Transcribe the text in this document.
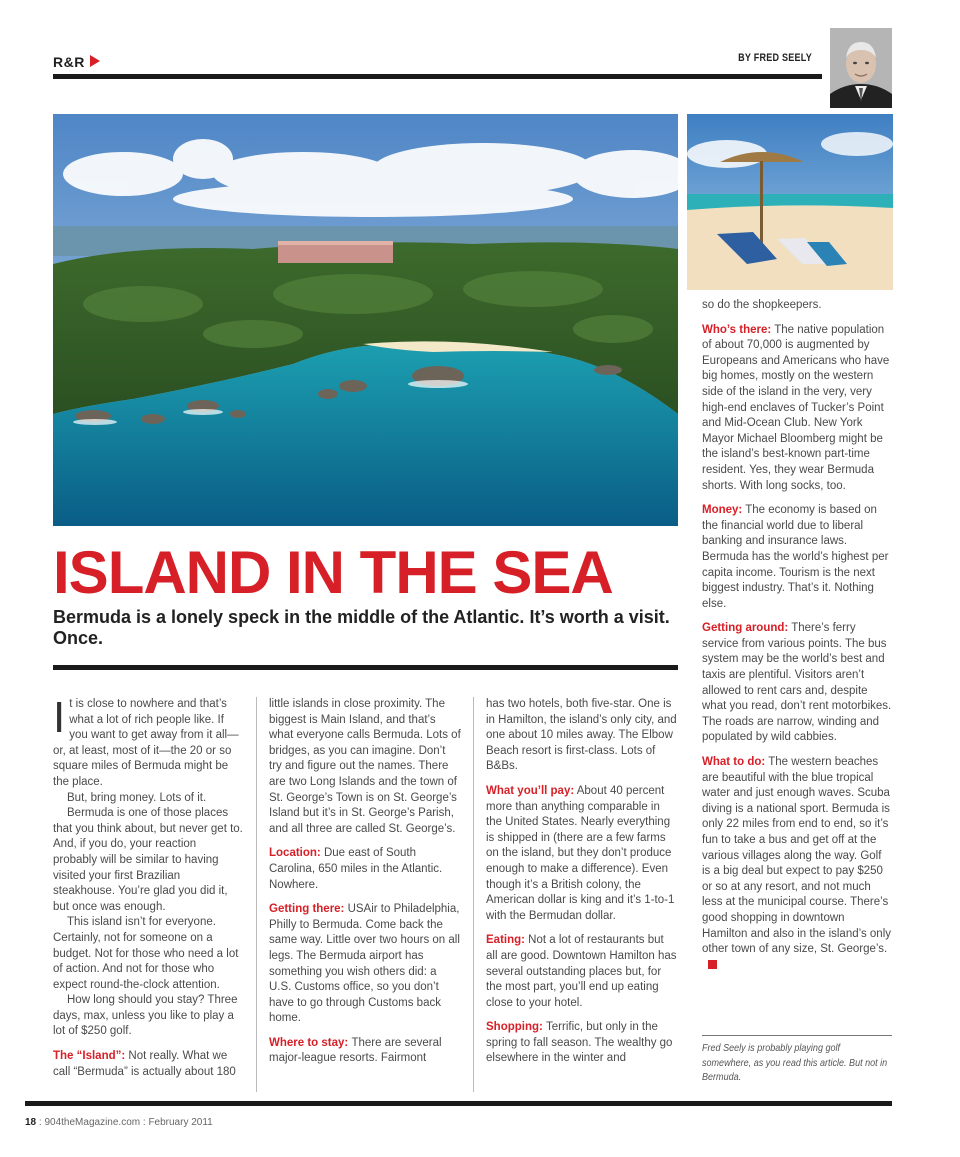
R&R	BY FRED SEELY
ISLAND IN THE SEA
Bermuda is a lonely speck in the middle of the Atlantic. It’s worth a visit. Once.

It is close to nowhere and that’s what a lot of rich people like. If you want to get away from it all—or, at least, most of it—the 20 or so square miles of Bermuda might be the place.

But, bring money. Lots of it.

Bermuda is one of those places that you think about, but never get to. And, if you do, your reaction probably will be similar to having visited your first Brazilian steakhouse. You’re glad you did it, but once was enough.

This island isn’t for everyone. Certainly, not for someone on a budget. Not for those who need a lot of action. And not for those who expect round-the-clock attention.

How long should you stay? Three days, max, unless you like to play a lot of $250 golf.

The “Island”: Not really. What we call “Bermuda” is actually about 180

little islands in close proximity. The biggest is Main Island, and that’s what everyone calls Bermuda. Lots of bridges, as you can imagine. Don’t try and figure out the names. There are two Long Islands and the town of St. George’s Town is on St. George’s Island but it’s in St. George’s Parish, and all three are called St. George’s.

Location: Due east of South Carolina, 650 miles in the Atlantic. Nowhere.

Getting there: USAir to Philadelphia, Philly to Bermuda. Come back the same way. Little over two hours on all legs. The Bermuda airport has something you wish others did: a U.S. Customs office, so you don’t have to go through Customs back home.

Where to stay: There are several major-league resorts. Fairmont

has two hotels, both five-star. One is in Hamilton, the island’s only city, and one about 10 miles away. The Elbow Beach resort is first-class. Lots of B&Bs.

What you’ll pay: About 40 percent more than anything comparable in the United States. Nearly everything is shipped in (there are a few farms on the island, but they don’t produce enough to make a difference). Even though it’s a British colony, the American dollar is king and it’s 1-to-1 with the Bermudan dollar.

Eating: Not a lot of restaurants but all are good. Downtown Hamilton has several outstanding places but, for the most part, you’ll end up eating close to your hotel.

Shopping: Terrific, but only in the spring to fall season. The wealthy go elsewhere in the winter and

so do the shopkeepers.

Who’s there: The native population of about 70,000 is augmented by Europeans and Americans who have big homes, mostly on the western side of the island in the very, very high-end enclaves of Tucker’s Point and Mid-Ocean Club. New York Mayor Michael Bloomberg might be the island’s best-known part-time resident. Yes, they wear Bermuda shorts. With long socks, too.

Money: The economy is based on the financial world due to liberal banking and insurance laws. Bermuda has the world’s highest per capita income. Tourism is the next biggest industry. That’s it. Nothing else.

Getting around: There’s ferry service from various points. The bus system may be the world’s best and taxis are plentiful. Visitors aren’t allowed to rent cars and, despite what you read, don’t rent motorbikes. The roads are narrow, winding and populated by wild cabbies.

What to do: The western beaches are beautiful with the blue tropical water and just enough waves. Scuba diving is a national sport. Bermuda is only 22 miles from end to end, so it’s fun to take a bus and get off at the various villages along the way. Golf is a big deal but expect to pay $250 or so at any resort, and not much less at the municipal course. There’s good shopping in downtown Hamilton and also in the island’s only other town of any size, St. George’s.

Fred Seely is probably playing golf somewhere, as you read this article. But not in Bermuda.
18 : 904theMagazine.com : February 2011
